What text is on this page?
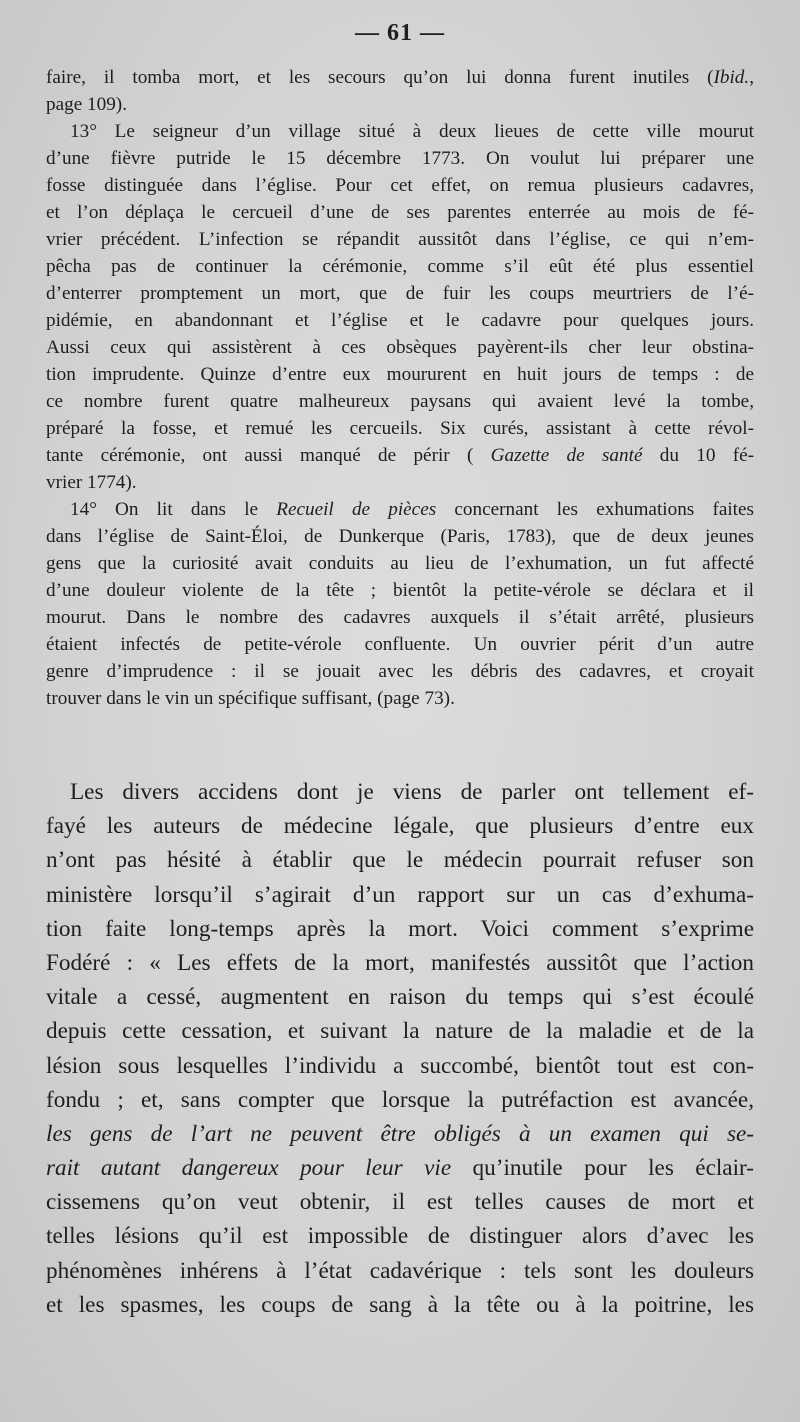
— 61 —
faire, il tomba mort, et les secours qu’on lui donna furent inutiles (Ibid.,
page 109).
13° Le seigneur d’un village situé à deux lieues de cette ville mourut
d’une fièvre putride le 15 décembre 1773. On voulut lui préparer une
fosse distinguée dans l’église. Pour cet effet, on remua plusieurs cadavres,
et l’on déplaça le cercueil d’une de ses parentes enterrée au mois de fé-
vrier précédent. L’infection se répandit aussitôt dans l’église, ce qui n’em-
pêcha pas de continuer la cérémonie, comme s’il eût été plus essentiel
d’enterrer promptement un mort, que de fuir les coups meurtriers de l’é-
pidémie, en abandonnant et l’église et le cadavre pour quelques jours.
Aussi ceux qui assistèrent à ces obsèques payèrent-ils cher leur obstina-
tion imprudente. Quinze d’entre eux moururent en huit jours de temps : de
ce nombre furent quatre malheureux paysans qui avaient levé la tombe,
préparé la fosse, et remué les cercueils. Six curés, assistant à cette révol-
tante cérémonie, ont aussi manqué de périr ( Gazette de santé du 10 fé-
vrier 1774).
14° On lit dans le Recueil de pièces concernant les exhumations faites
dans l’église de Saint-Éloi, de Dunkerque (Paris, 1783), que de deux jeunes
gens que la curiosité avait conduits au lieu de l’exhumation, un fut affecté
d’une douleur violente de la tête ; bientôt la petite-vérole se déclara et il
mourut. Dans le nombre des cadavres auxquels il s’était arrêté, plusieurs
étaient infectés de petite-vérole confluente. Un ouvrier périt d’un autre
genre d’imprudence : il se jouait avec les débris des cadavres, et croyait
trouver dans le vin un spécifique suffisant, (page 73).
Les divers accidens dont je viens de parler ont tellement ef-
fayé les auteurs de médecine légale, que plusieurs d’entre eux
n’ont pas hésité à établir que le médecin pourrait refuser son
ministère lorsqu’il s’agirait d’un rapport sur un cas d’exhuma-
tion faite long-temps après la mort. Voici comment s’exprime
Fodéré : « Les effets de la mort, manifestés aussitôt que l’action
vitale a cessé, augmentent en raison du temps qui s’est écoulé
depuis cette cessation, et suivant la nature de la maladie et de la
lésion sous lesquelles l’individu a succombé, bientôt tout est con-
fondu ; et, sans compter que lorsque la putréfaction est avancée,
les gens de l’art ne peuvent être obligés à un examen qui se-
rait autant dangereux pour leur vie qu’inutile pour les éclair-
cissemens qu’on veut obtenir, il est telles causes de mort et
telles lésions qu’il est impossible de distinguer alors d’avec les
phénomènes inhérens à l’état cadavérique : tels sont les douleurs
et les spasmes, les coups de sang à la tête ou à la poitrine, les
